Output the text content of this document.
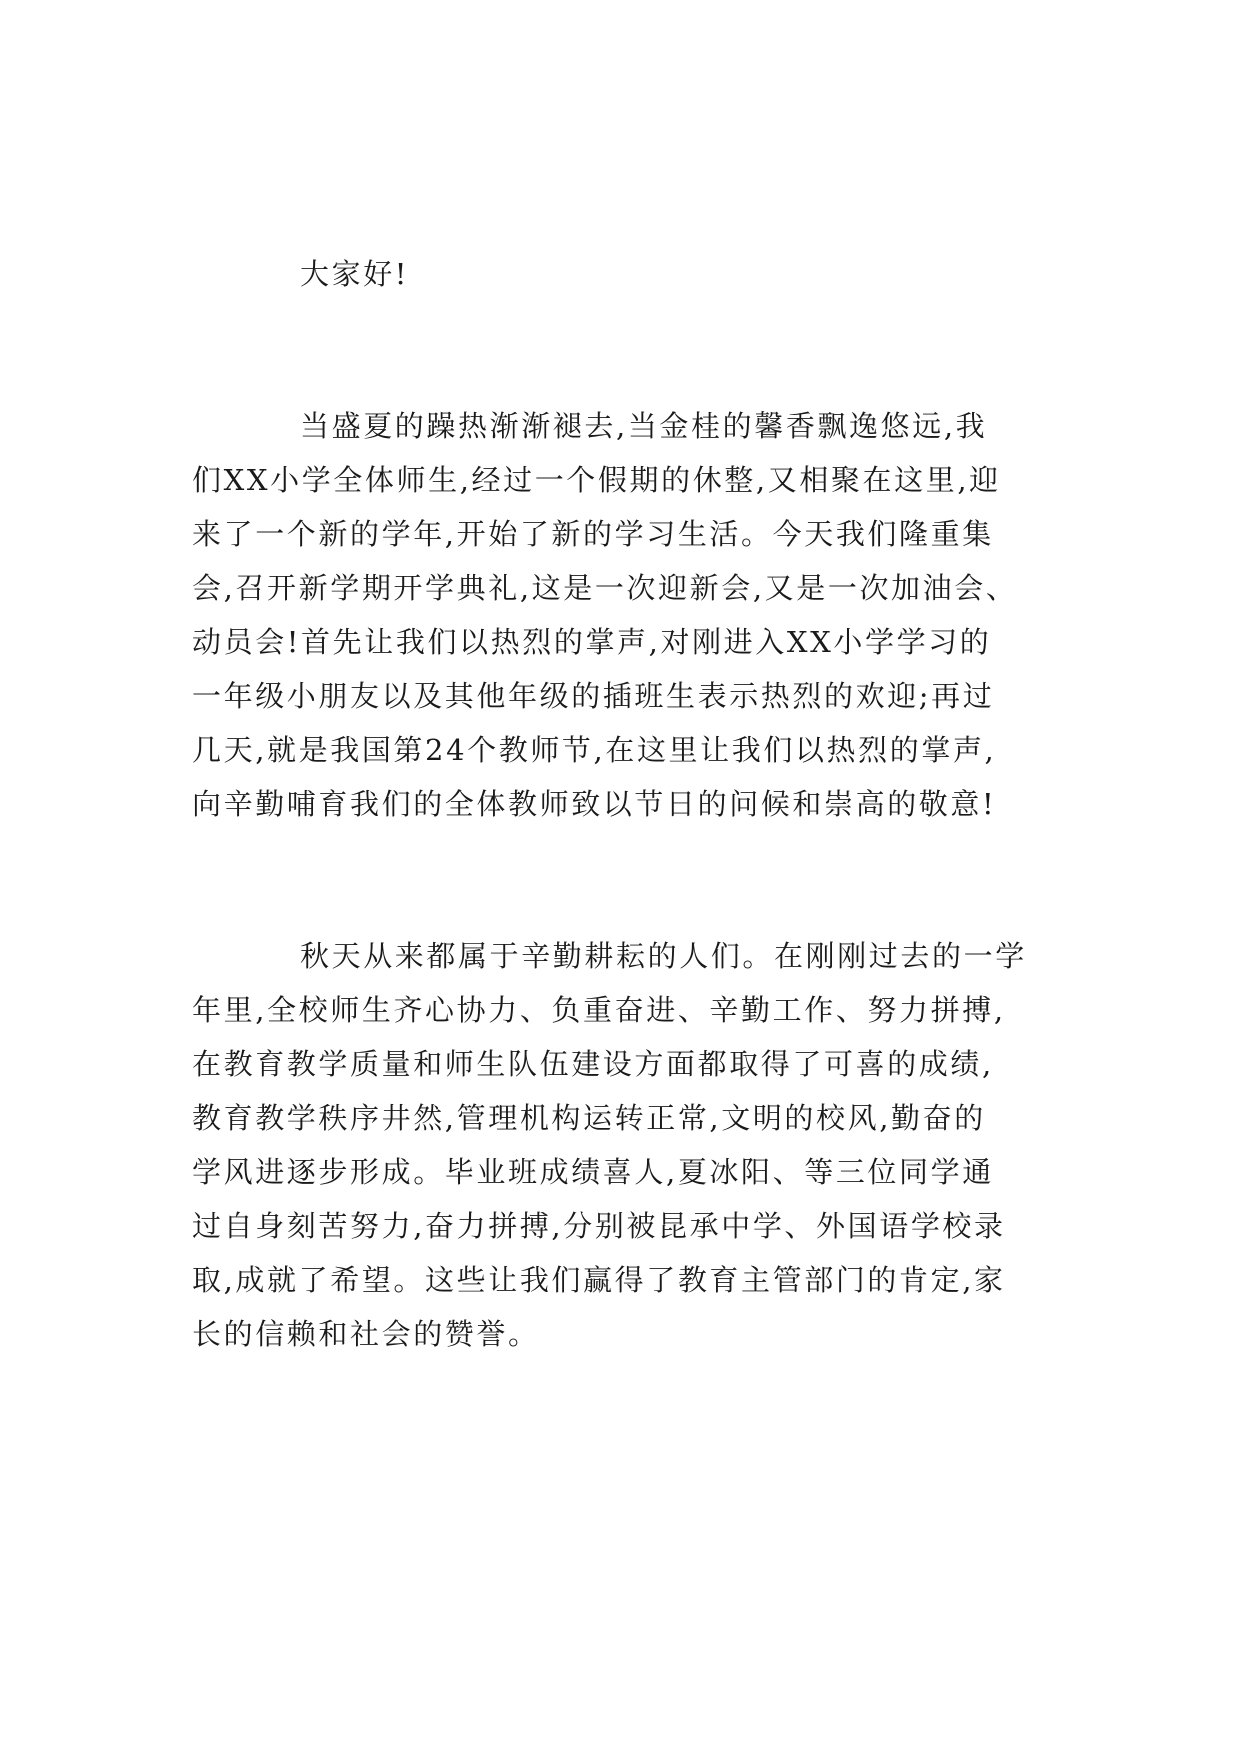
大家好!
当盛夏的躁热渐渐褪去,当金桂的馨香飘逸悠远,我
们XX小学全体师生,经过一个假期的休整,又相聚在这里,迎
来了一个新的学年,开始了新的学习生活。今天我们隆重集
会,召开新学期开学典礼,这是一次迎新会,又是一次加油会、
动员会!首先让我们以热烈的掌声,对刚进入XX小学学习的
一年级小朋友以及其他年级的插班生表示热烈的欢迎;再过
几天,就是我国第24个教师节,在这里让我们以热烈的掌声,
向辛勤哺育我们的全体教师致以节日的问候和崇高的敬意!
秋天从来都属于辛勤耕耘的人们。在刚刚过去的一学
年里,全校师生齐心协力、负重奋进、辛勤工作、努力拼搏,
在教育教学质量和师生队伍建设方面都取得了可喜的成绩,
教育教学秩序井然,管理机构运转正常,文明的校风,勤奋的
学风进逐步形成。毕业班成绩喜人,夏冰阳、等三位同学通
过自身刻苦努力,奋力拼搏,分别被昆承中学、外国语学校录
取,成就了希望。这些让我们赢得了教育主管部门的肯定,家
长的信赖和社会的赞誉。
